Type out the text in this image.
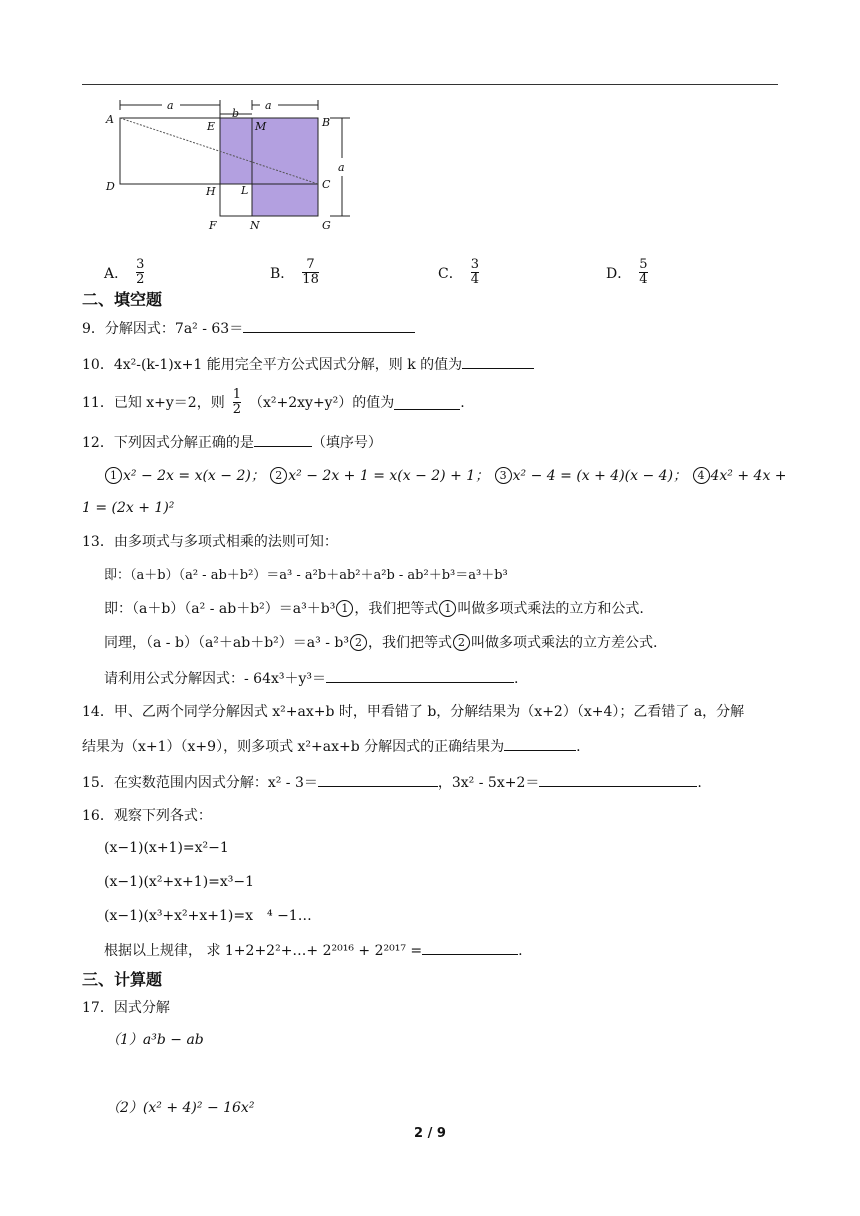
a
b
a
a
A
E	M	B
D	H L	C
F	N	G
A． $\frac{3}{2}$	B． $\frac{7}{18}$	C． $\frac{3}{4}$	D． $\frac{5}{4}$
二、填空题
9．分解因式：7a² - 63＝
10．4x²-(k-1)x+1 能用完全平方公式因式分解，则 k 的值为
11．已知 x+y＝2，则 $\frac{1}{2} (x^2+2xy+y^2)$的值为	.
12．下列因式分解正确的是	（填序号）
1 x² − 2x = x(x − 2)； 2 x² − 2x + 1 = x(x − 2) + 1； 3 x² − 4 = (x + 4)(x − 4)； 4 4x² + 4x +
1 = (2x + 1)²
13．由多项式与多项式相乘的法则可知：
即：（a＋b）（a² - ab＋b²）＝a³ - a²b＋ab²＋a²b - ab²＋b³＝a³＋b³
即：（a＋b）（a² - ab＋b²）＝a³＋b³ 1 ，我们把等式 1 叫做多项式乘法的立方和公式.
同理，（a - b）（a²＋ab＋b²）＝a³ - b³ 2 ，我们把等式 2 叫做多项式乘法的立方差公式.
请利用公式分解因式：- 64x³＋y³＝	.
14．甲、乙两个同学分解因式 x²+ax+b 时，甲看错了 b，分解结果为（x+2）（x+4）；乙看错了 a，分解
结果为（x+1）（x+9），则多项式 x²+ax+b 分解因式的正确结果为	.
15．在实数范围内因式分解：x² - 3＝	，3x² - 5x+2＝	.
16．观察下列各式：
(x−1)(x+1)=x²−1
(x−1)(x²+x+1)=x³−1
(x−1)(x³+x²+x+1)=x　⁴ −1…
根据以上规律， 求 1+2+2²+…+ 2²⁰¹⁶ + 2²⁰¹⁷ =	.
三、计算题
17．因式分解
（1）a³b − ab
（2）(x² + 4)² − 16x²
2 / 9
